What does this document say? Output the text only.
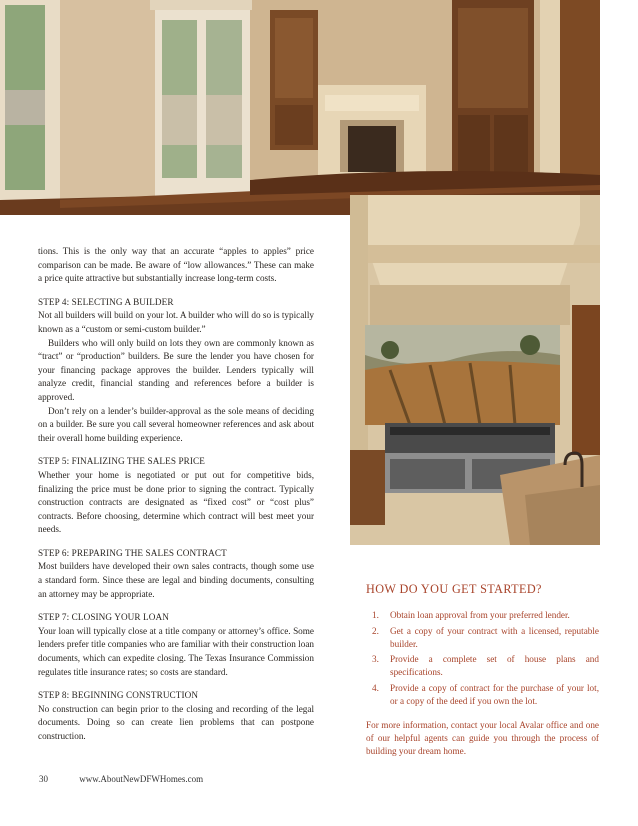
tions. This is the only way that an accurate “apples to apples” price comparison can be made. Be aware of “low allowances.” These can make a price quite attractive but substantially increase long-term costs.

STEP 4: SELECTING A BUILDER

Not all builders will build on your lot. A builder who will do so is typically known as a “custom or semi-custom builder.”

Builders who will only build on lots they own are commonly known as “tract” or “production” builders. Be sure the lender you have chosen for your financing package approves the builder. Lenders typically will analyze credit, financial standing and references before a builder is approved.

Don’t rely on a lender’s builder-approval as the sole means of deciding on a builder. Be sure you call several homeowner references and ask about their overall home building experience.

STEP 5: FINALIZING THE SALES PRICE

Whether your home is negotiated or put out for competitive bids, finalizing the price must be done prior to signing the contract. Typically construction contracts are designated as “fixed cost” or “cost plus” contracts. Before choosing, determine which contract will best meet your needs.

STEP 6: PREPARING THE SALES CONTRACT

Most builders have developed their own sales contracts, though some use a standard form. Since these are legal and binding documents, consulting an attorney may be appropriate.

STEP 7: CLOSING YOUR LOAN

Your loan will typically close at a title company or attorney’s office. Some lenders prefer title companies who are familiar with their construction loan documents, which can expedite closing. The Texas Insurance Commission regulates title insurance rates; so costs are standard.

STEP 8: BEGINNING CONSTRUCTION

No construction can begin prior to the closing and recording of the legal documents. Doing so can create lien problems that can postpone construction.

HOW DO YOU GET STARTED?
1. Obtain loan approval from your preferred lender.
2. Get a copy of your contract with a licensed, reputable builder.
3. Provide a complete set of house plans and specifications.
4. Provide a copy of contract for the purchase of your lot, or a copy of the deed if you own the lot.

For more information, contact your local Avalar office and one of our helpful agents can guide you through the process of building your dream home.

30	www.AboutNewDFWHomes.com
